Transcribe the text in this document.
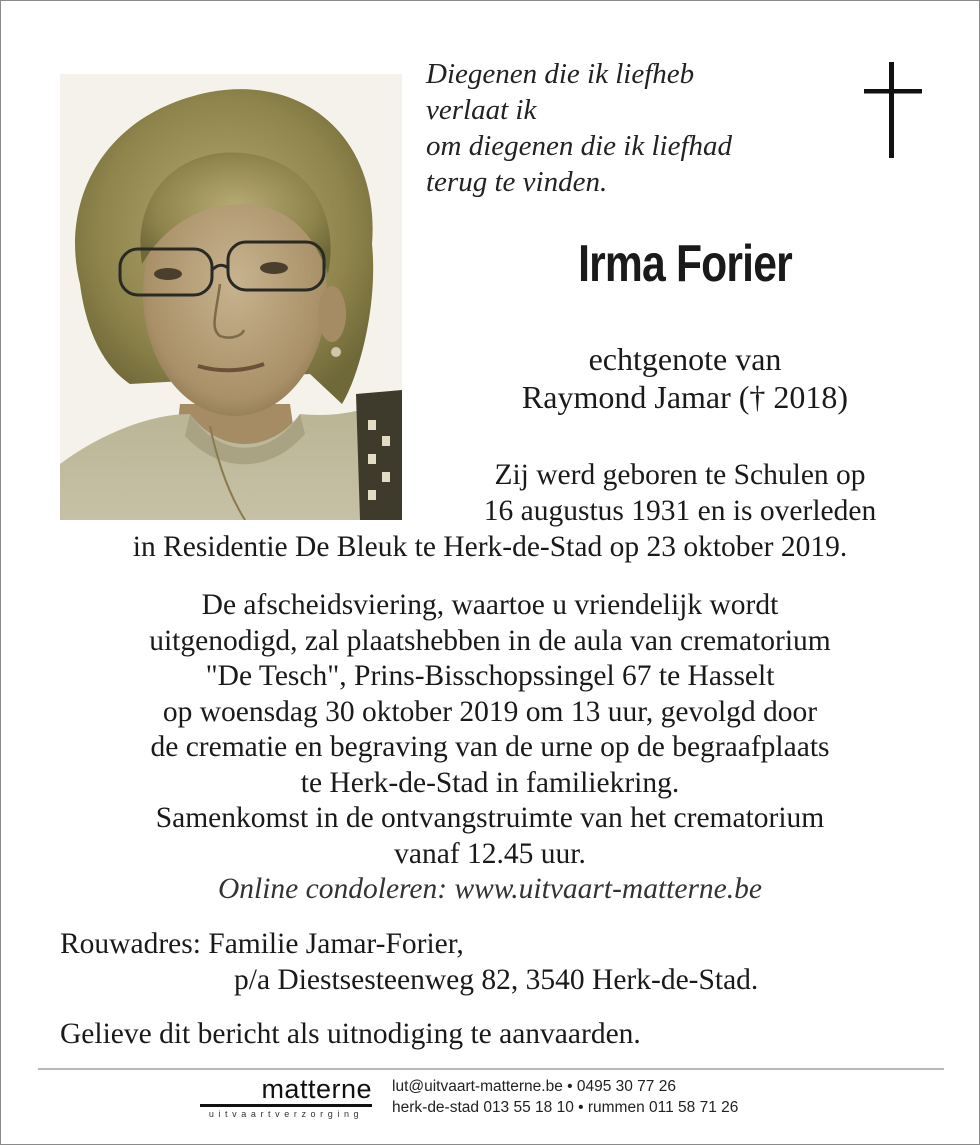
Diegenen die ik liefheb
verlaat ik
om diegenen die ik liefhad
terug te vinden.
Irma Forier
echtgenote van
Raymond Jamar († 2018)
Zij werd geboren te Schulen op
16 augustus 1931 en is overleden
in Residentie De Bleuk te Herk-de-Stad op 23 oktober 2019.
De afscheidsviering, waartoe u vriendelijk wordt
uitgenodigd, zal plaatshebben in de aula van crematorium
"De Tesch", Prins-Bisschopssingel 67 te Hasselt
op woensdag 30 oktober 2019 om 13 uur, gevolgd door
de crematie en begraving van de urne op de begraafplaats
te Herk-de-Stad in familiekring.
Samenkomst in de ontvangstruimte van het crematorium
vanaf 12.45 uur.
Online condoleren: www.uitvaart-matterne.be
Rouwadres: Familie Jamar-Forier,
p/a Diestsesteenweg 82, 3540 Herk-de-Stad.
Gelieve dit bericht als uitnodiging te aanvaarden.
matterne
uitvaartverzorging
lut@uitvaart-matterne.be • 0495 30 77 26
herk-de-stad 013 55 18 10 • rummen 011 58 71 26
